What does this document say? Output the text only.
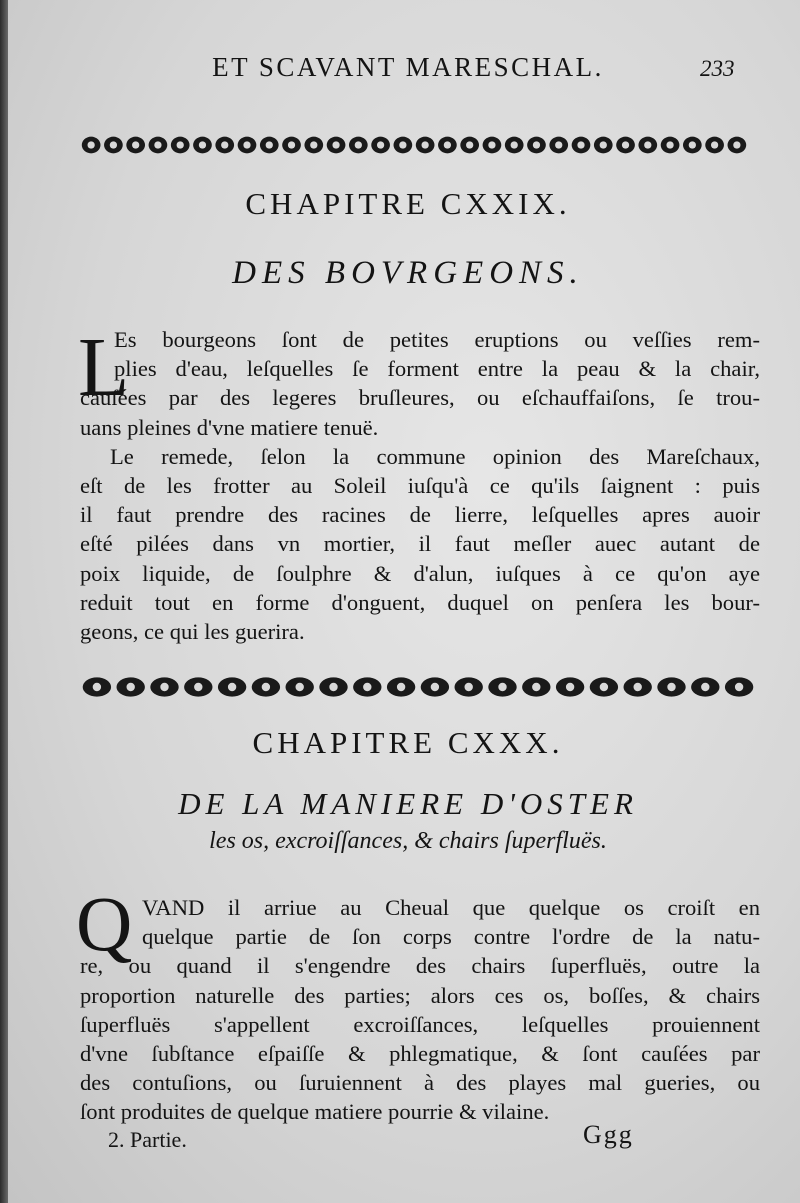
ET SCAVANT MARESCHAL.	233
CHAPITRE CXXIX.
DES BOVRGEONS.
L
Es bourgeons ſont de petites eruptions ou veſſies rem-
plies d'eau, leſquelles ſe forment entre la peau & la chair,
cauſées par des legeres bruſleures, ou eſchauffaiſons, ſe trou-
uans pleines d'vne matiere tenuë.
Le remede, ſelon la commune opinion des Mareſchaux,
eſt de les frotter au Soleil iuſqu'à ce qu'ils ſaignent : puis
il faut prendre des racines de lierre, leſquelles apres auoir
eſté pilées dans vn mortier, il faut meſler auec autant de
poix liquide, de ſoulphre & d'alun, iuſques à ce qu'on aye
reduit tout en forme d'onguent, duquel on penſera les bour-
geons, ce qui les guerira.
CHAPITRE CXXX.
DE LA MANIERE D'OSTER
les os, excroiſſances, & chairs ſuperfluës.
Q VAND il arriue au Cheual que quelque os croiſt en
quelque partie de ſon corps contre l'ordre de la natu-
re, ou quand il s'engendre des chairs ſuperfluës, outre la
proportion naturelle des parties; alors ces os, boſſes, & chairs
ſuperfluës s'appellent excroiſſances, leſquelles prouiennent
d'vne ſubſtance eſpaiſſe & phlegmatique, & ſont cauſées par
des contuſions, ou ſuruiennent à des playes mal gueries, ou
ſont produites de quelque matiere pourrie & vilaine.
2. Partie.	Ggg
